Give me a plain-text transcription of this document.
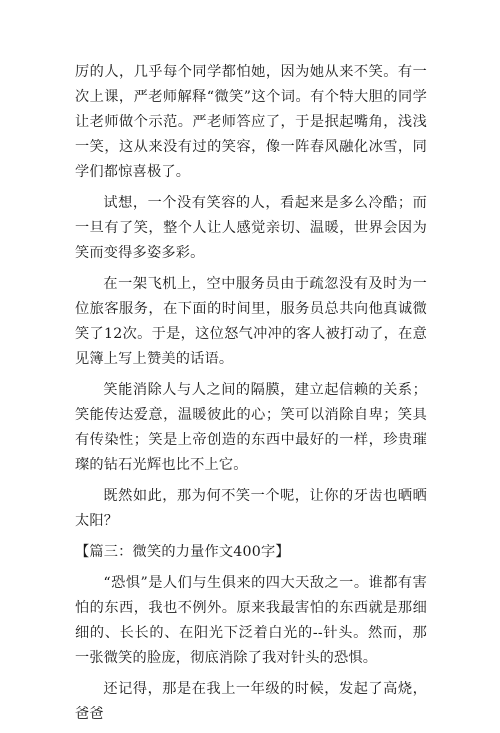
厉的人，几乎每个同学都怕她，因为她从来不笑。有一次上课，严老师解释“微笑”这个词。有个特大胆的同学让老师做个示范。严老师答应了，于是抿起嘴角，浅浅一笑，这从来没有过的笑容，像一阵春风融化冰雪，同学们都惊喜极了。

试想，一个没有笑容的人，看起来是多么冷酷；而一旦有了笑，整个人让人感觉亲切、温暖，世界会因为笑而变得多姿多彩。

在一架飞机上，空中服务员由于疏忽没有及时为一位旅客服务，在下面的时间里，服务员总共向他真诚微笑了12次。于是，这位怒气冲冲的客人被打动了，在意见簿上写上赞美的话语。

笑能消除人与人之间的隔膜，建立起信赖的关系；笑能传达爱意，温暖彼此的心；笑可以消除自卑；笑具有传染性；笑是上帝创造的东西中最好的一样，珍贵璀璨的钻石光辉也比不上它。

既然如此，那为何不笑一个呢，让你的牙齿也晒晒太阳？

【篇三：微笑的力量作文400字】

“恐惧”是人们与生俱来的四大天敌之一。谁都有害怕的东西，我也不例外。原来我最害怕的东西就是那细细的、长长的、在阳光下泛着白光的--针头。然而，那一张微笑的脸庞，彻底消除了我对针头的恐惧。

还记得，那是在我上一年级的时候，发起了高烧，爸爸
